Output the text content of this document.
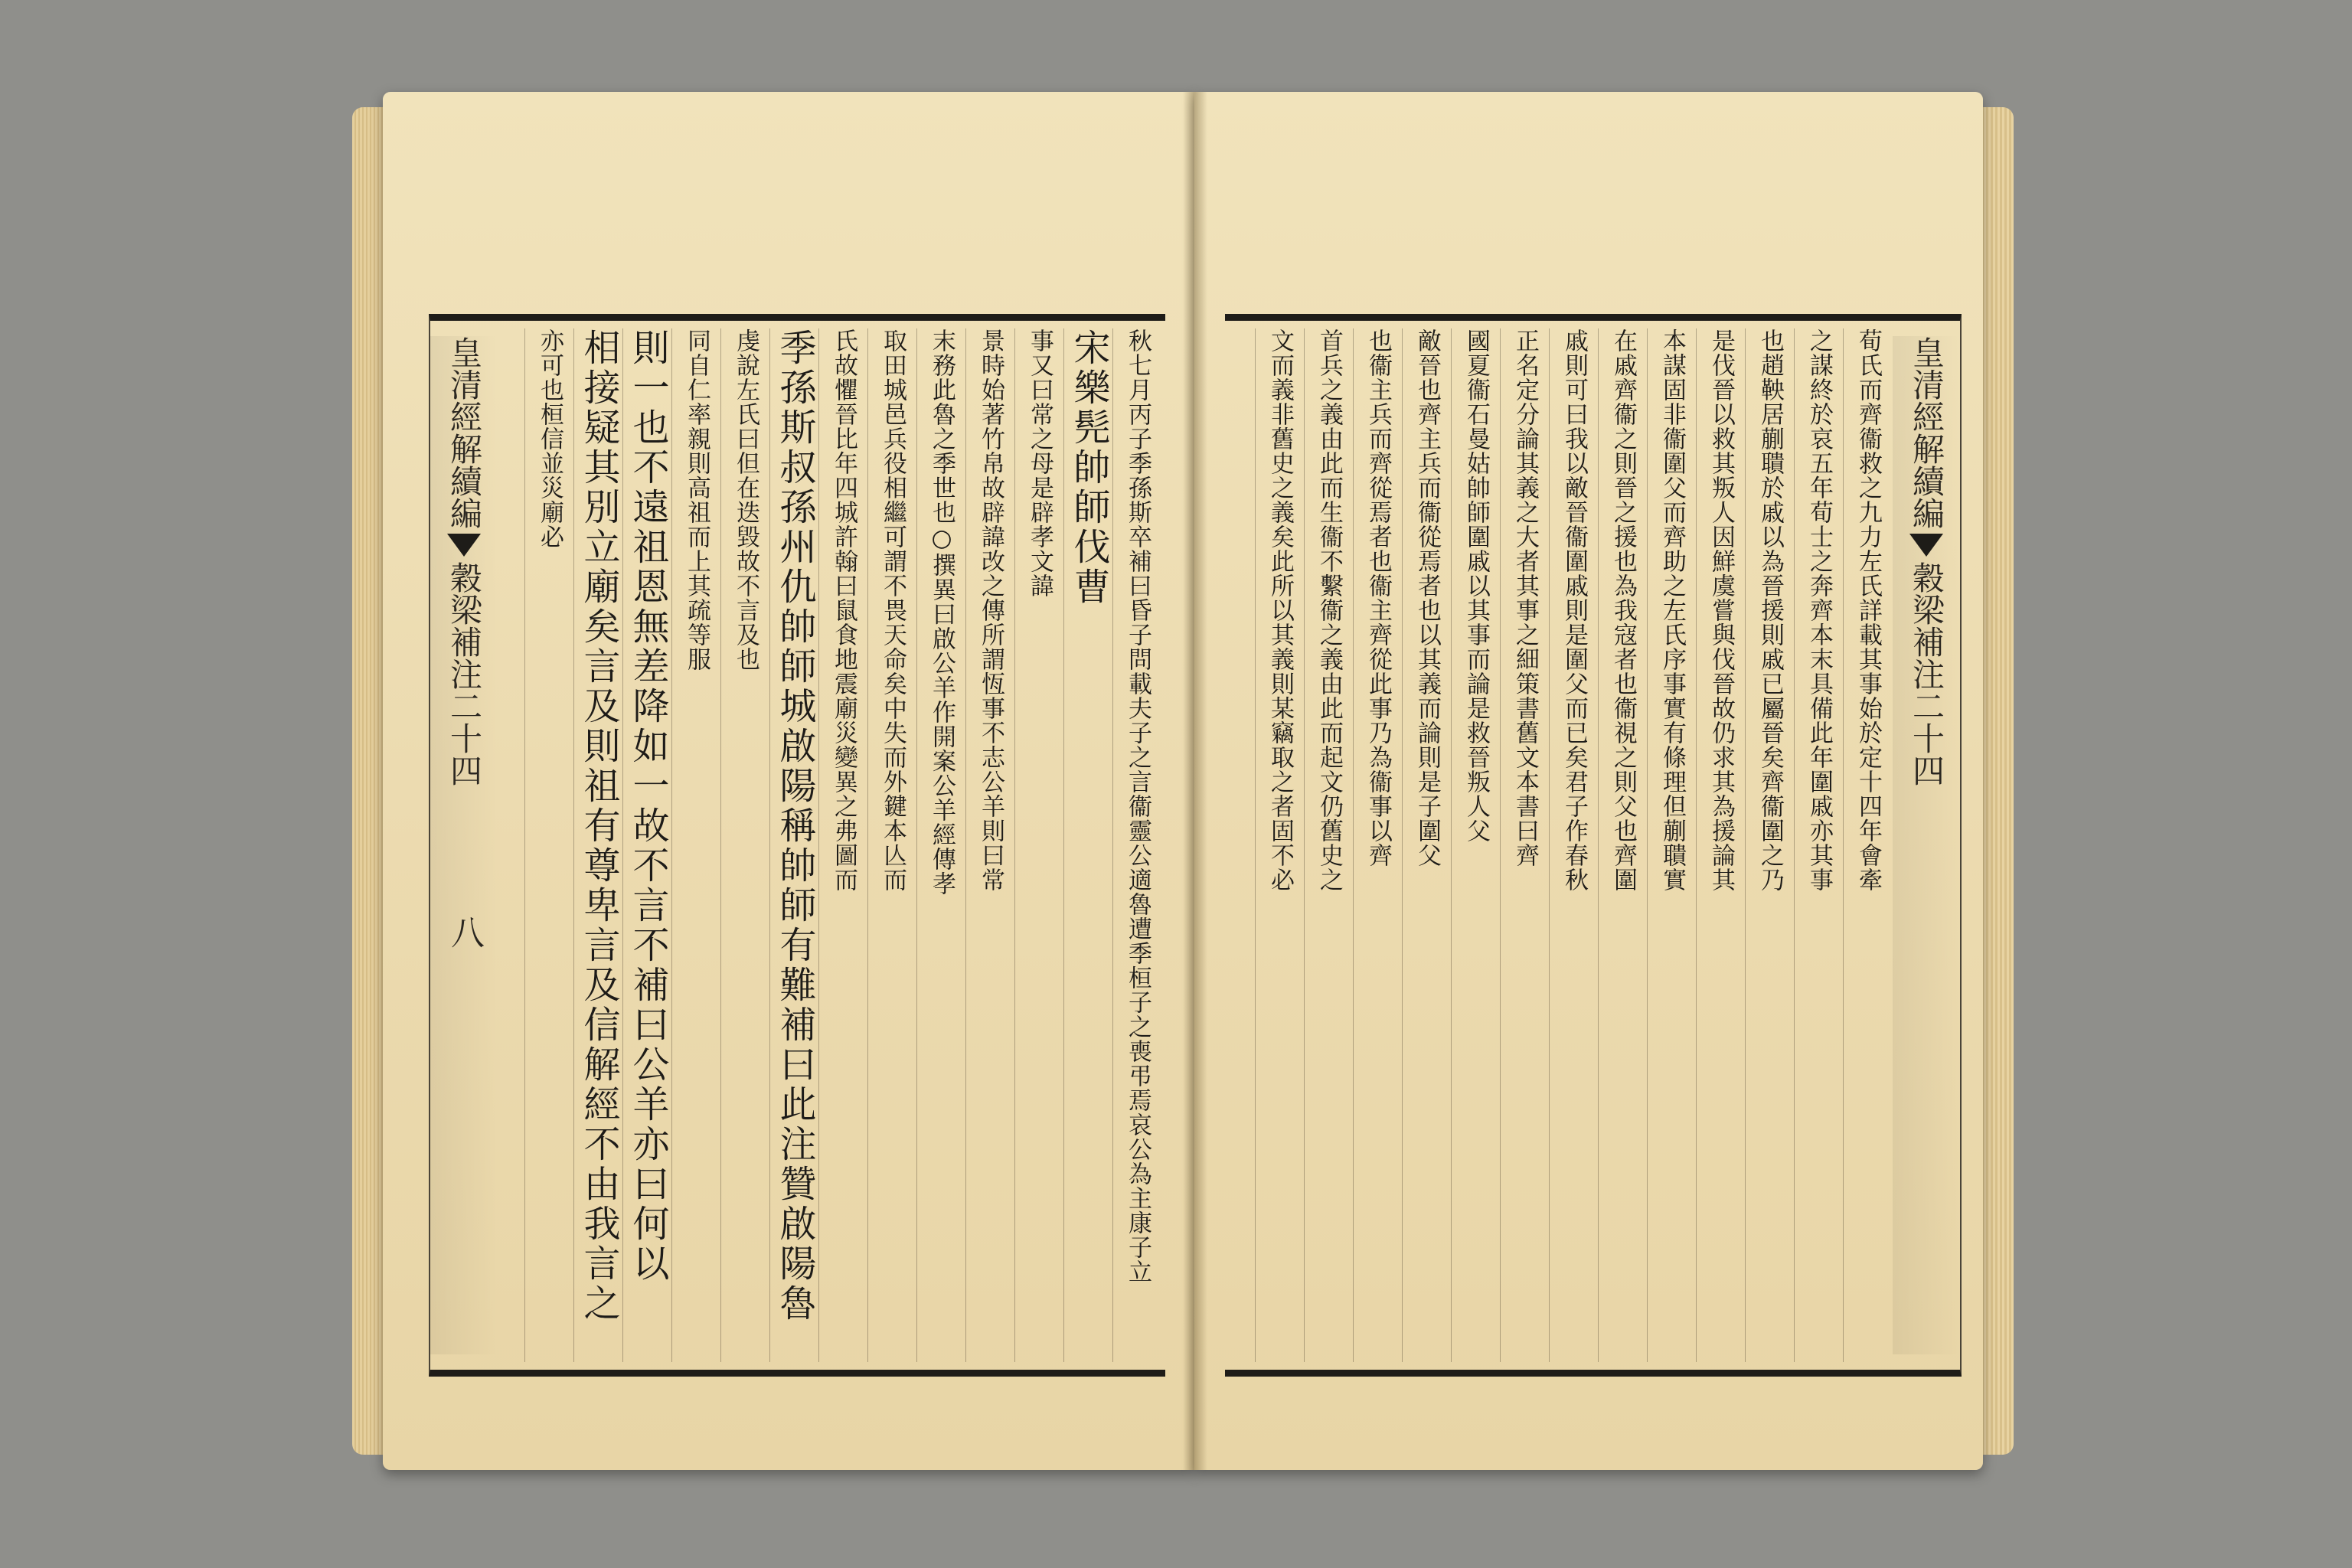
皇清經解續編穀梁補注二十四　　　　八	秋七月丙子季孫斯卒補曰昏子問載夫子之言衞靈公適魯遭季桓子之喪弔焉哀公為主康子立
宋樂髡帥師伐曹
事又曰常之母是辟孝文諱
景時始著竹帛故辟諱改之傳所謂恆事不志公羊則曰常
末務此魯之季世也○撰異曰啟公羊作開案公羊經傳孝
取田城邑兵役相繼可謂不畏天命矣中失而外鍵本亾而
氏故懼晉比年四城許翰曰鼠食地震廟災變異之弗圖而
季孫斯叔孫州仇帥師城啟陽稱帥師有難補曰此注贊啟陽魯
虔說左氏曰但在迭毀故不言及也
同自仁率親則高祖而上其疏等服
則一也不遠祖恩無差降如一故不言不補曰公羊亦曰何以
相接疑其別立廟矣言及則祖有尊卑言及信解經不由我言之
亦可也桓信並災廟必	皇清經解續編穀梁補注二十四
荀氏而齊衞救之九力左氏詳載其事始於定十四年會牽
之謀終於哀五年荀士之奔齊本末具備此年圍戚亦其事
也趙鞅居蒯聵於戚以為晉援則戚已屬晉矣齊衞圍之乃
是伐晉以救其叛人因鮮虞嘗與伐晉故仍求其為援論其
本謀固非衞圍父而齊助之左氏序事實有條理但蒯聵實
在戚齊衞之則晉之援也為我寇者也衞視之則父也齊圍
戚則可曰我以敵晉衞圍戚則是圍父而已矣君子作春秋
正名定分論其義之大者其事之細策書舊文本書曰齊
國夏衞石曼姑帥師圍戚以其事而論是救晉叛人父
敵晉也齊主兵而衞從焉者也以其義而論則是子圍父
也衞主兵而齊從焉者也衞主齊從此事乃為衞事以齊
首兵之義由此而生衞不繫衞之義由此而起文仍舊史之
文而義非舊史之義矣此所以其義則某竊取之者固不必
